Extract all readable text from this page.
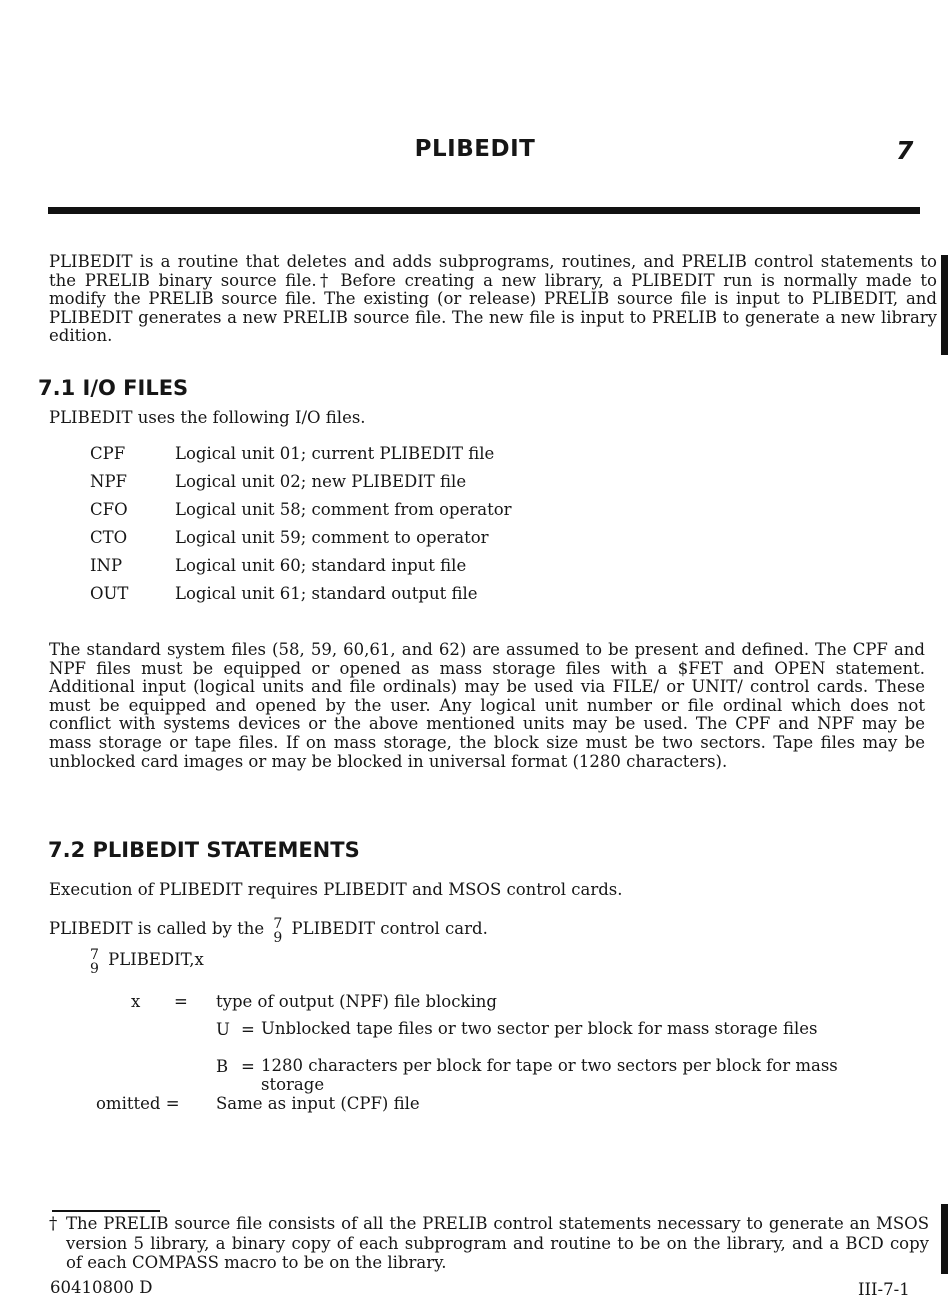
PLIBEDIT	7

PLIBEDIT is a routine that deletes and adds subprograms, routines, and PRELIB control statements to the PRELIB binary source file.† Before creating a new library, a PLIBEDIT run is normally made to modify the PRELIB source file. The existing (or release) PRELIB source file is input to PLIBEDIT, and PLIBEDIT generates a new PRELIB source file. The new file is input to PRELIB to generate a new library edition.

7.1 I/O FILES
PLIBEDIT uses the following I/O files.
CPF	Logical unit 01; current PLIBEDIT file
NPF	Logical unit 02; new PLIBEDIT file
CFO	Logical unit 58; comment from operator
CTO	Logical unit 59; comment to operator
INP	Logical unit 60; standard input file
OUT	Logical unit 61; standard output file

The standard system files (58, 59, 60,61, and 62) are assumed to be present and defined. The CPF and NPF files must be equipped or opened as mass storage files with a $FET and OPEN statement. Additional input (logical units and file ordinals) may be used via FILE/ or UNIT/ control cards. These must be equipped and opened by the user. Any logical unit number or file ordinal which does not conflict with systems devices or the above mentioned units may be used. The CPF and NPF may be mass storage or tape files. If on mass storage, the block size must be two sectors. Tape files may be unblocked card images or may be blocked in universal format (1280 characters).

7.2 PLIBEDIT STATEMENTS
Execution of PLIBEDIT requires PLIBEDIT and MSOS control cards.
PLIBEDIT is called by the 7
9 PLIBEDIT control card.
7
9 PLIBEDIT,x
x = type of output (NPF) file blocking
U = Unblocked tape files or two sector per block for mass storage files
B = 1280 characters per block for tape or two sectors per block for mass storage
omitted = Same as input (CPF) file
† The PRELIB source file consists of all the PRELIB control statements necessary to generate an MSOS version 5 library, a binary copy of each subprogram and routine to be on the library, and a BCD copy of each COMPASS macro to be on the library.
60410800 D	III-7-1
